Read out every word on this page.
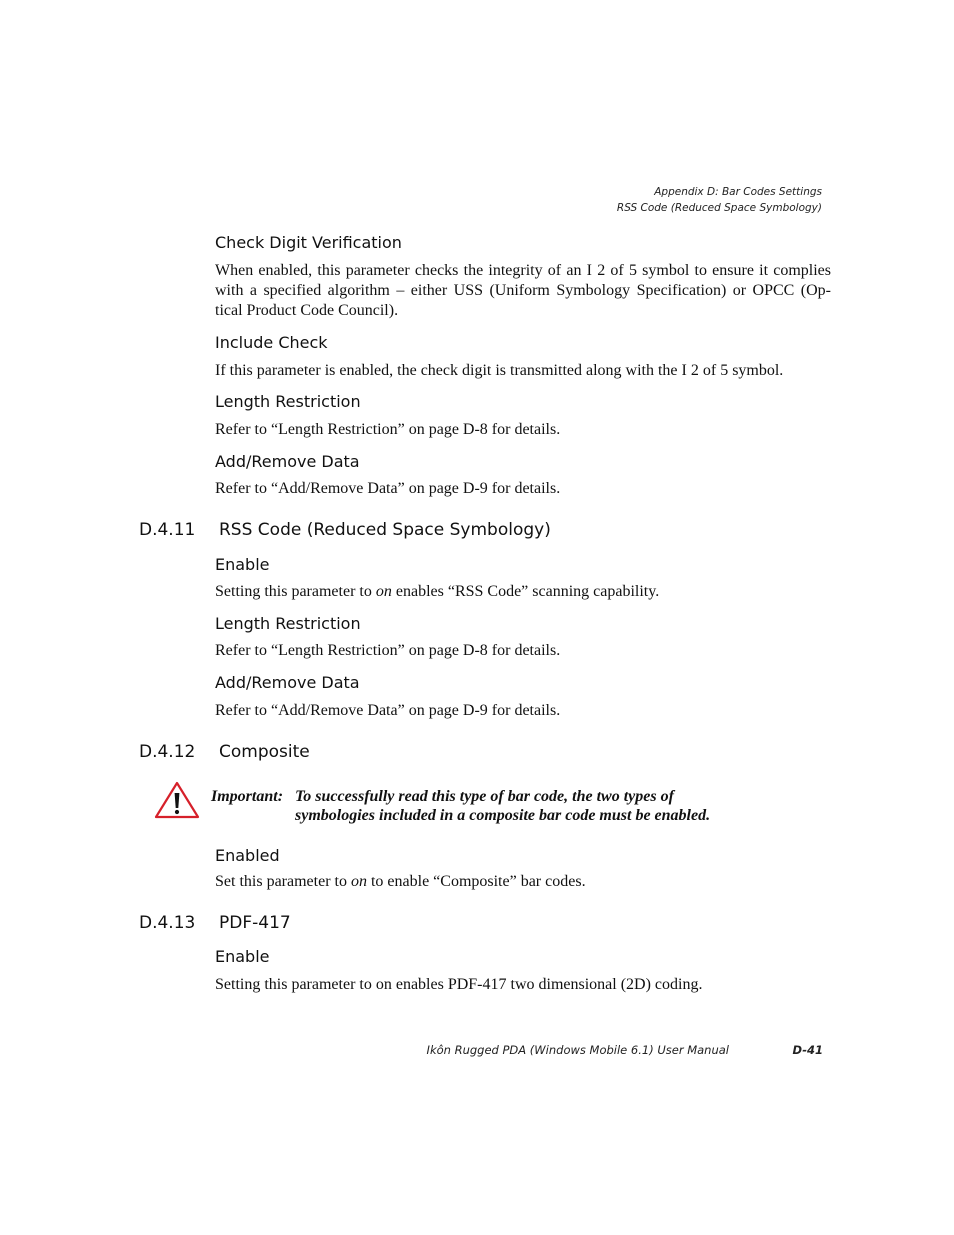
Appendix D: Bar Codes Settings
RSS Code (Reduced Space Symbology)
Check Digit Verification
When enabled, this parameter checks the integrity of an I 2 of 5 symbol to ensure it complies
with a specified algorithm – either USS (Uniform Symbology Specification) or OPCC (Op-
tical Product Code Council).
Include Check
If this parameter is enabled, the check digit is transmitted along with the I 2 of 5 symbol.
Length Restriction
Refer to “Length Restriction” on page D-8 for details.
Add/Remove Data
Refer to “Add/Remove Data” on page D-9 for details.
D.4.11 RSS Code (Reduced Space Symbology)
Enable
Setting this parameter to on enables “RSS Code” scanning capability.
Length Restriction
Refer to “Length Restriction” on page D-8 for details.
Add/Remove Data
Refer to “Add/Remove Data” on page D-9 for details.
D.4.12 Composite
Important: To successfully read this type of bar code, the two types of
symbologies included in a composite bar code must be enabled.
Enabled
Set this parameter to on to enable “Composite” bar codes.
D.4.13 PDF-417
Enable
Setting this parameter to on enables PDF-417 two dimensional (2D) coding.
Ikôn Rugged PDA (Windows Mobile 6.1) User Manual	D-41
